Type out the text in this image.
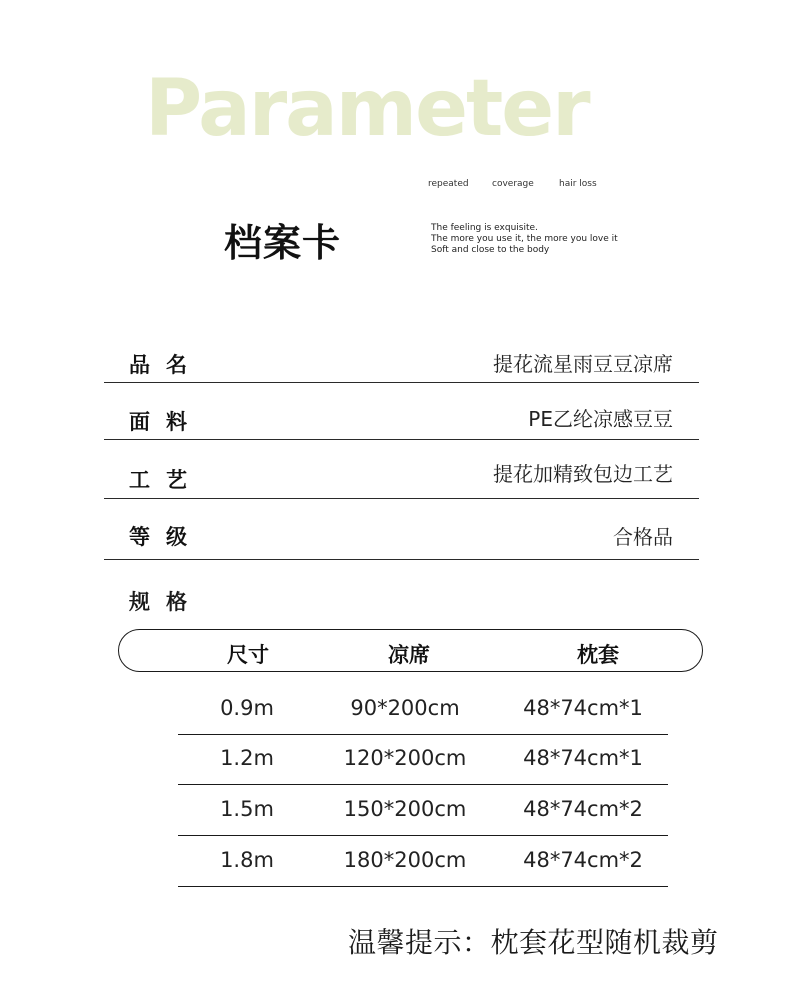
Parameter
repeated	coverage	hair loss
档案卡	The feeling is exquisite.
The more you use it, the more you love it
Soft and close to the body
品名	提花流星雨豆豆凉席
面料	PE乙纶凉感豆豆
工艺	提花加精致包边工艺
等级	合格品
规格
尺寸	凉席	枕套
0.9m	90*200cm	48*74cm*1
1.2m	120*200cm	48*74cm*1
1.5m	150*200cm	48*74cm*2
1.8m	180*200cm	48*74cm*2
温馨提示：枕套花型随机裁剪
